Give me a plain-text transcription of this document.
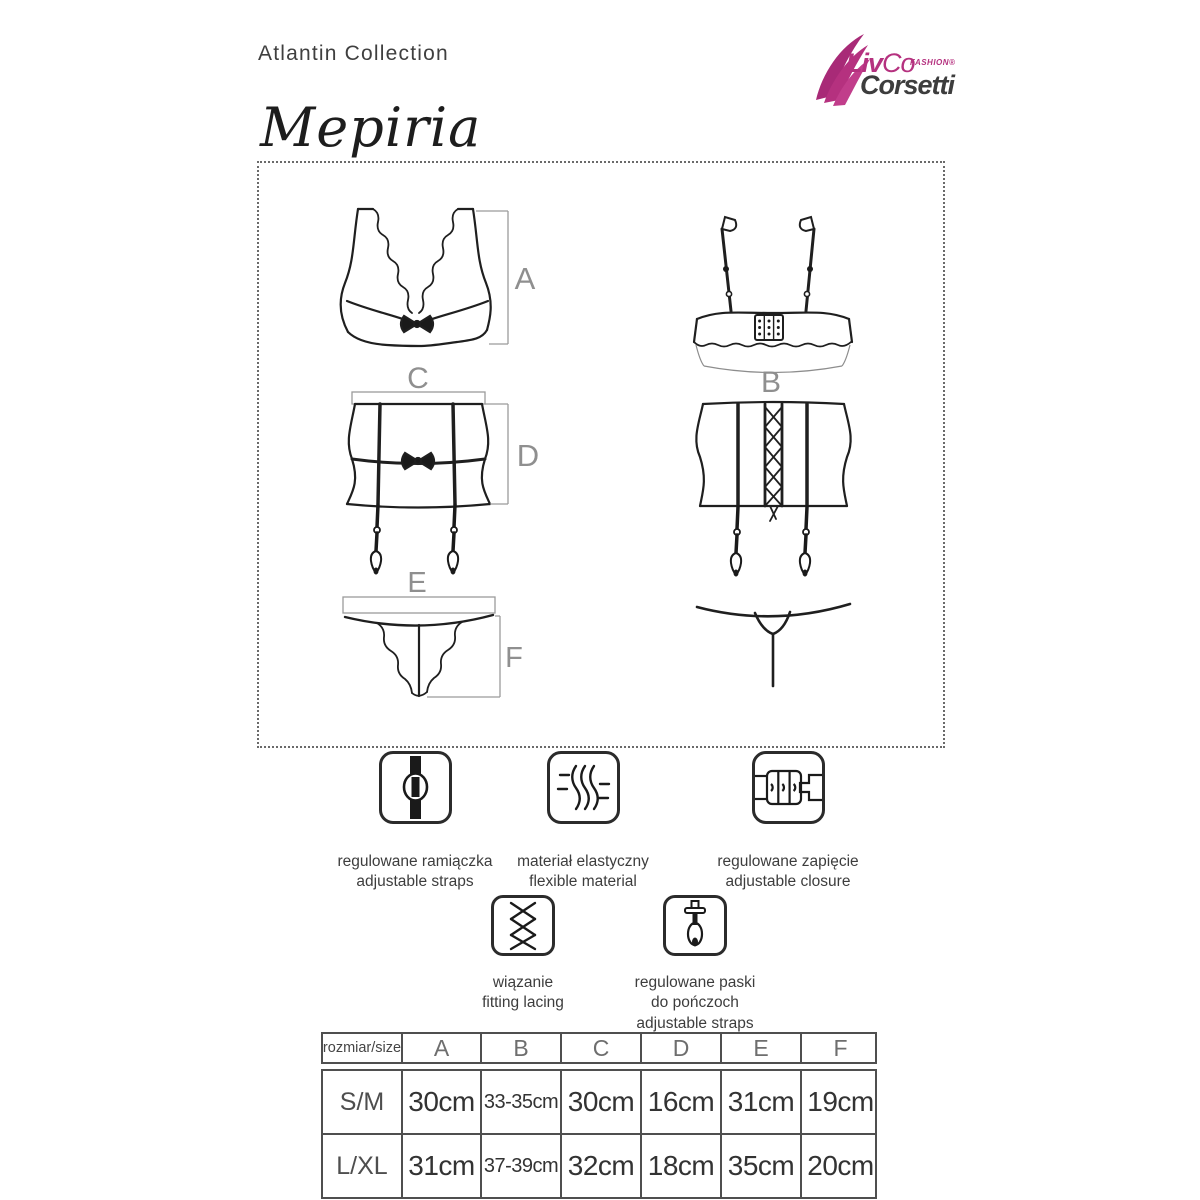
Atlantin Collection
Mepiria
LivCo
FASHION®
Corsetti
A
B
C
D
E
F
regulowane ramiączka
adjustable straps
materiał elastyczny
flexible material
regulowane zapięcie
adjustable closure
wiązanie
fitting lacing
regulowane paski
do pończoch
adjustable straps
rozmiar/size	A	B	C	D	E	F
S/M 30cm 33-35cm 30cm 16cm 31cm 19cm
L/XL 31cm 37-39cm 32cm 18cm 35cm 20cm
